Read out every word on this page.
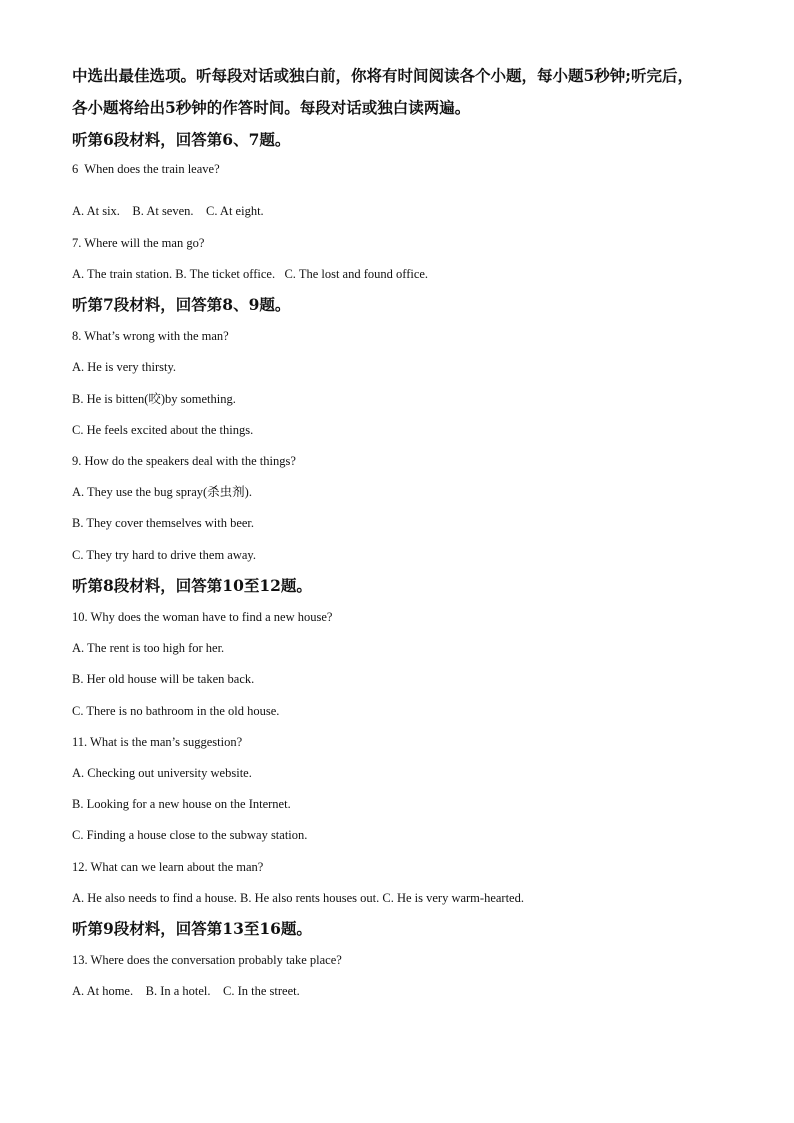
中选出最佳选项。听每段对话或独白前，你将有时间阅读各个小题，每小题5秒钟;听完后，
各小题将给出5秒钟的作答时间。每段对话或独白读两遍。
听第6段材料，回答第6、7题。
6  When does the train leave?
A. At six.    B. At seven.    C. At eight.
7. Where will the man go?
A. The train station. B. The ticket office.   C. The lost and found office.
听第7段材料，回答第8、9题。
8. What’s wrong with the man?
A. He is very thirsty.
B. He is bitten(咬)by something.
C. He feels excited about the things.
9. How do the speakers deal with the things?
A. They use the bug spray(杀虫剂).
B. They cover themselves with beer.
C. They try hard to drive them away.
听第8段材料，回答第10至12题。
10. Why does the woman have to find a new house?
A. The rent is too high for her.
B. Her old house will be taken back.
C. There is no bathroom in the old house.
11. What is the man’s suggestion?
A. Checking out university website.
B. Looking for a new house on the Internet.
C. Finding a house close to the subway station.
12. What can we learn about the man?
A. He also needs to find a house. B. He also rents houses out. C. He is very warm-hearted.
听第9段材料，回答第13至16题。
13. Where does the conversation probably take place?
A. At home.    B. In a hotel.    C. In the street.
